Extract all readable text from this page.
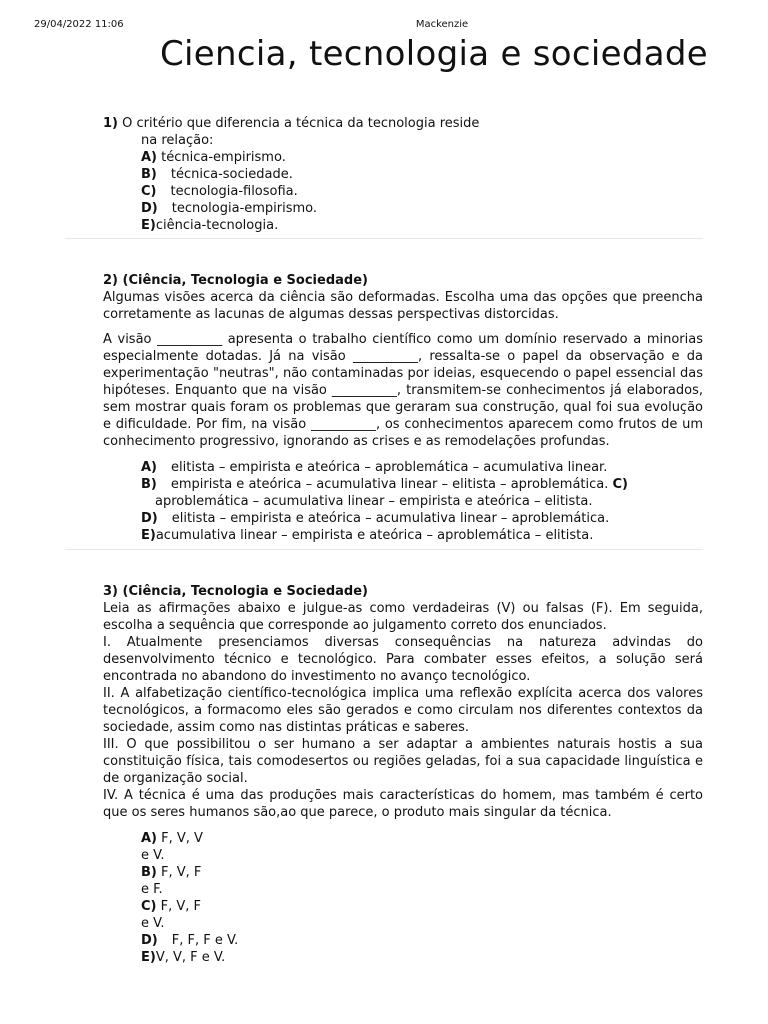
29/04/2022 11:06	Mackenzie
Ciencia, tecnologia e sociedade
1) O critério que diferencia a técnica da tecnologia reside
na relação:
A) técnica-empirismo.
B) técnica-sociedade.
C) tecnologia-filosofia.
D) tecnologia-empirismo.
E)ciência-tecnologia.
2) (Ciência, Tecnologia e Sociedade)

Algumas visões acerca da ciência são deformadas. Escolha uma das opções que preencha corretamente as lacunas de algumas dessas perspectivas distorcidas.

A visão __________ apresenta o trabalho científico como um domínio reservado a minorias especialmente dotadas. Já na visão __________, ressalta-se o papel da observação e da experimentação "neutras", não contaminadas por ideias, esquecendo o papel essencial das hipóteses. Enquanto que na visão __________, transmitem-se conhecimentos já elaborados, sem mostrar quais foram os problemas que geraram sua construção, qual foi sua evolução e dificuldade. Por fim, na visão __________, os conhecimentos aparecem como frutos de um conhecimento progressivo, ignorando as crises e as remodelações profundas.

A) elitista – empirista e ateórica – aproblemática – acumulativa linear.
B) empirista e ateórica – acumulativa linear – elitista – aproblemática. C)
aproblemática – acumulativa linear – empirista e ateórica – elitista.
D) elitista – empirista e ateórica – acumulativa linear – aproblemática.
E)acumulativa linear – empirista e ateórica – aproblemática – elitista.
3) (Ciência, Tecnologia e Sociedade)

Leia as afirmações abaixo e julgue-as como verdadeiras (V) ou falsas (F). Em seguida, escolha a sequência que corresponde ao julgamento correto dos enunciados.

I. Atualmente presenciamos diversas consequências na natureza advindas do desenvolvimento técnico e tecnológico. Para combater esses efeitos, a solução será encontrada no abandono do investimento no avanço tecnológico.

II. A alfabetização científico-tecnológica implica uma reflexão explícita acerca dos valores tecnológicos, a formacomo eles são gerados e como circulam nos diferentes contextos da sociedade, assim como nas distintas práticas e saberes.

III. O que possibilitou o ser humano a ser adaptar a ambientes naturais hostis a sua constituição física, tais comodesertos ou regiões geladas, foi a sua capacidade linguística e de organização social.

IV. A técnica é uma das produções mais características do homem, mas também é certo que os seres humanos são,ao que parece, o produto mais singular da técnica.

A) F, V, V e V.
B) F, V, F e F.
C) F, V, F e V.
D) F, F, F e V.
E)V, V, F e V.
